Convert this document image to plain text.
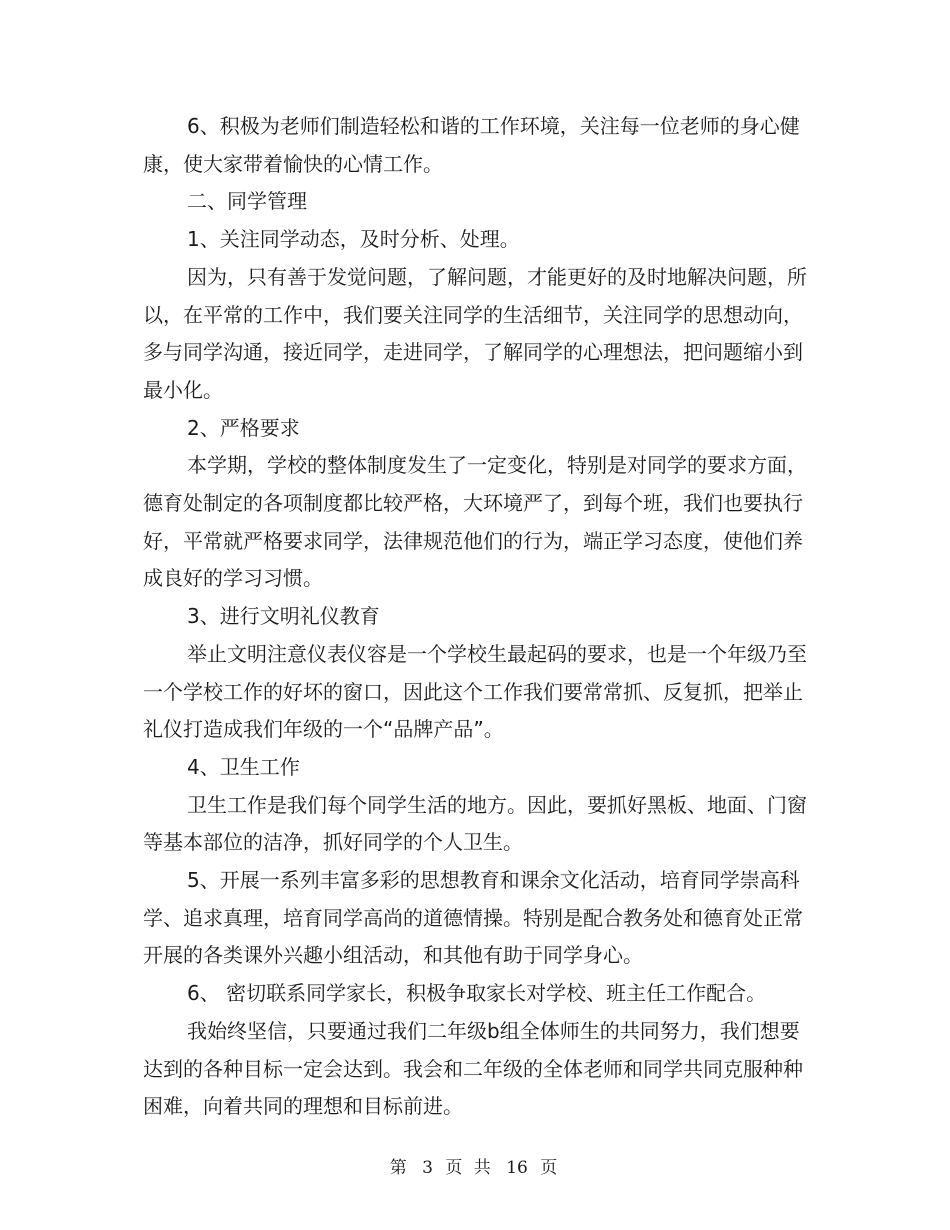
6、积极为老师们制造轻松和谐的工作环境，关注每一位老师的身心健康，使大家带着愉快的心情工作。

二、同学管理

1、关注同学动态，及时分析、处理。

因为，只有善于发觉问题，了解问题，才能更好的及时地解决问题，所以，在平常的工作中，我们要关注同学的生活细节，关注同学的思想动向，多与同学沟通，接近同学，走进同学，了解同学的心理想法，把问题缩小到最小化。

2、严格要求

本学期，学校的整体制度发生了一定变化，特别是对同学的要求方面，德育处制定的各项制度都比较严格，大环境严了，到每个班，我们也要执行好，平常就严格要求同学，法律规范他们的行为，端正学习态度，使他们养成良好的学习习惯。

3、进行文明礼仪教育

举止文明注意仪表仪容是一个学校生最起码的要求，也是一个年级乃至一个学校工作的好坏的窗口，因此这个工作我们要常常抓、反复抓，把举止礼仪打造成我们年级的一个“品牌产品”。

4、卫生工作

卫生工作是我们每个同学生活的地方。因此，要抓好黑板、地面、门窗等基本部位的洁净，抓好同学的个人卫生。

5、开展一系列丰富多彩的思想教育和课余文化活动，培育同学崇高科学、追求真理，培育同学高尚的道德情操。特别是配合教务处和德育处正常开展的各类课外兴趣小组活动，和其他有助于同学身心。

6、 密切联系同学家长，积极争取家长对学校、班主任工作配合。

我始终坚信，只要通过我们二年级b组全体师生的共同努力，我们想要达到的各种目标一定会达到。我会和二年级的全体老师和同学共同克服种种困难，向着共同的理想和目标前进。

第 3 页 共 16 页
